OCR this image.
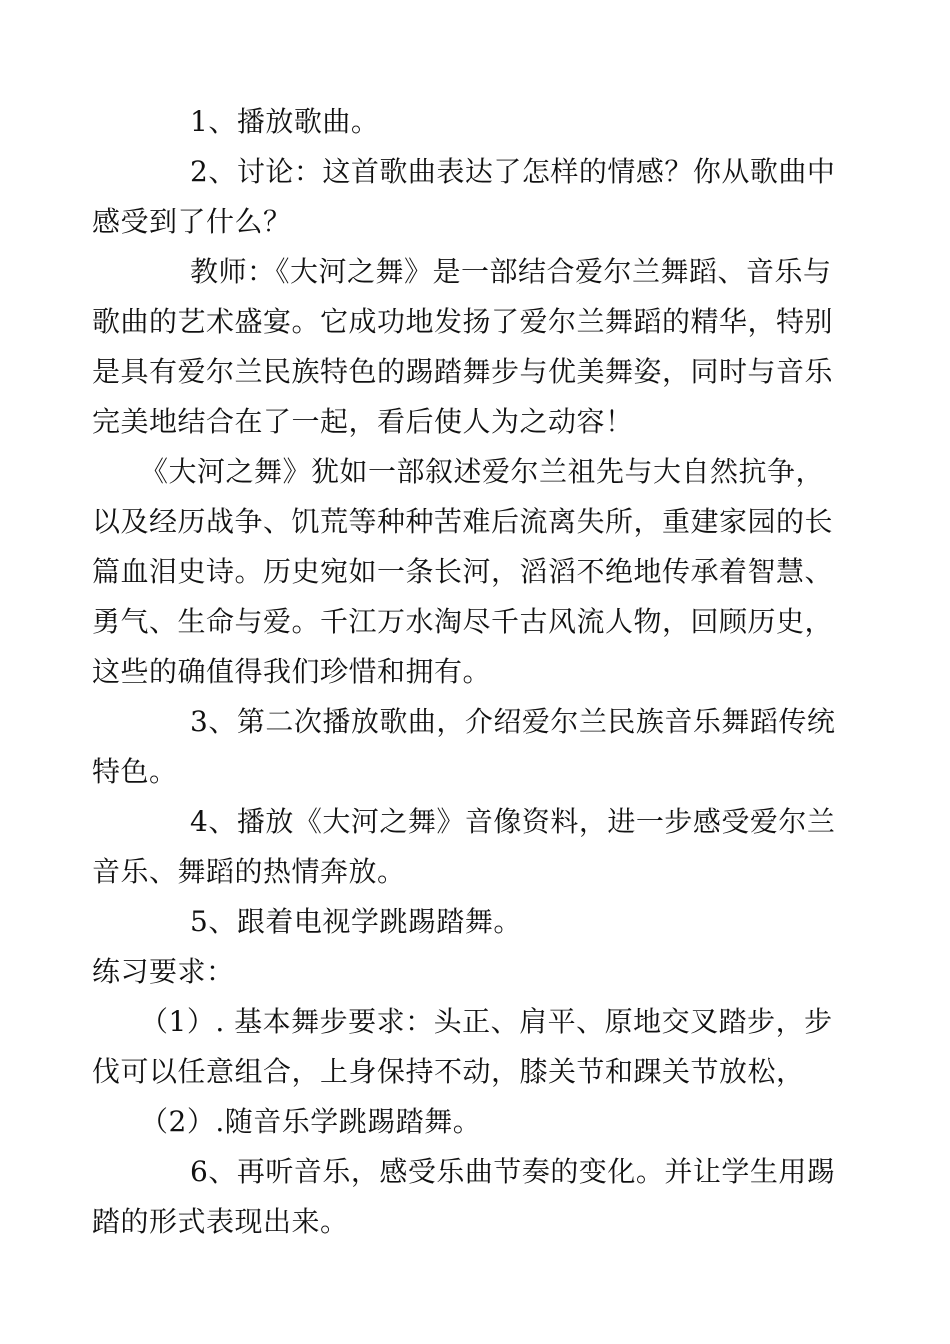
1、播放歌曲。
2、讨论：这首歌曲表达了怎样的情感？你从歌曲中
感受到了什么？
教师：《大河之舞》是一部结合爱尔兰舞蹈、音乐与
歌曲的艺术盛宴。它成功地发扬了爱尔兰舞蹈的精华，特别
是具有爱尔兰民族特色的踢踏舞步与优美舞姿，同时与音乐
完美地结合在了一起，看后使人为之动容！
《大河之舞》犹如一部叙述爱尔兰祖先与大自然抗争，
以及经历战争、饥荒等种种苦难后流离失所，重建家园的长
篇血泪史诗。历史宛如一条长河，滔滔不绝地传承着智慧、
勇气、生命与爱。千江万水淘尽千古风流人物，回顾历史，
这些的确值得我们珍惜和拥有。
3、第二次播放歌曲，介绍爱尔兰民族音乐舞蹈传统
特色。
4、播放《大河之舞》音像资料，进一步感受爱尔兰
音乐、舞蹈的热情奔放。
5、跟着电视学跳踢踏舞。
练习要求：
（1）. 基本舞步要求：头正、肩平、原地交叉踏步，步
伐可以任意组合，上身保持不动，膝关节和踝关节放松，
（2）.随音乐学跳踢踏舞。
6、再听音乐，感受乐曲节奏的变化。并让学生用踢
踏的形式表现出来。
